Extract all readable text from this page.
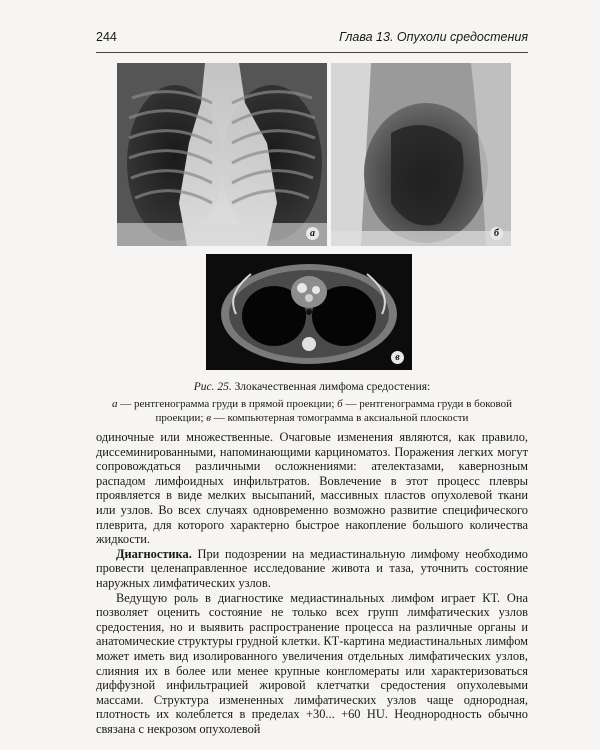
244	Глава 13. Опухоли средостения
а	б
в
Рис. 25. Злокачественная лимфома средостения:
а — рентгенограмма груди в прямой проекции; б — рентгенограмма груди в боковой проекции; в — компьютерная томограмма в аксиальной плоскости

одиночные или множественные. Очаговые изменения являются, как правило, диссеминированными, напоминающими карциноматоз. Поражения легких могут сопровождаться различными осложнениями: ателектазами, кавернозным распадом лимфоидных инфильтратов. Вовлечение в этот процесс плевры проявляется в виде мелких высыпаний, массивных пластов опухолевой ткани или узлов. Во всех случаях одновременно возможно развитие специфического плеврита, для которого характерно быстрое накопление большого количества жидкости.

Диагностика. При подозрении на медиастинальную лимфому необходимо провести целенаправленное исследование живота и таза, уточнить состояние наружных лимфатических узлов.

Ведущую роль в диагностике медиастинальных лимфом играет КТ. Она позволяет оценить состояние не только всех групп лимфатических узлов средостения, но и выявить распространение процесса на различные органы и анатомические структуры грудной клетки. КТ-картина медиастинальных лимфом может иметь вид изолированного увеличения отдельных лимфатических узлов, слияния их в более или менее крупные конгломераты или характеризоваться диффузной инфильтрацией жировой клетчатки средостения опухолевыми массами. Структура измененных лимфатических узлов чаще однородная, плотность их колеблется в пределах +30... +60 HU. Неоднородность обычно связана с некрозом опухолевой
